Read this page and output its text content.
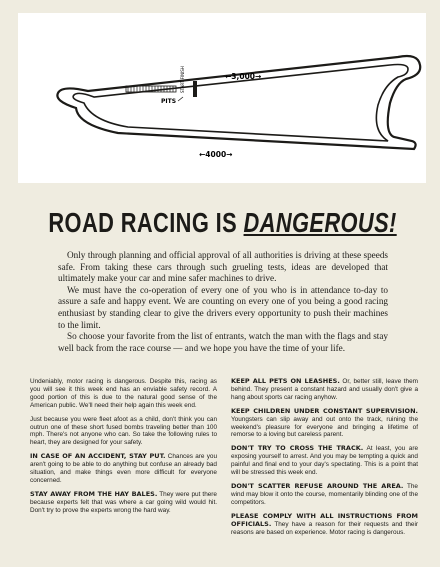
START FINISH
PITS
←3,000→
←4000→
ROAD RACING IS DANGEROUS!

Only through planning and official approval of all authorities is driving at these speeds safe. From taking these cars through such grueling tests, ideas are developed that ultimately make your car and mine safer machines to drive.

We must have the co-operation of every one of you who is in attendance to-day to assure a safe and happy event. We are counting on every one of you being a good racing enthusiast by standing clear to give the drivers every opportunity to push their machines to the limit.

So choose your favorite from the list of entrants, watch the man with the flags and stay well back from the race course — and we hope you have the time of your life.

Undeniably, motor racing is dangerous. Despite this, racing as you will see it this week end has an enviable safety record. A good portion of this is due to the natural good sense of the American public. We'll need their help again this week end.

Just because you were fleet afoot as a child, don't think you can outrun one of these short fused bombs traveling better than 100 mph. There's not anyone who can. So take the following rules to heart, they are designed for your safety.

IN CASE OF AN ACCIDENT, STAY PUT. Chances are you aren't going to be able to do anything but confuse an already bad situation, and make things even more difficult for everyone concerned.

STAY AWAY FROM THE HAY BALES. They were put there because experts felt that was where a car going wild would hit. Don't try to prove the experts wrong the hard way.

KEEP ALL PETS ON LEASHES. Or, better still, leave them behind. They present a constant hazard and usually don't give a hang about sports car racing anyhow.

KEEP CHILDREN UNDER CONSTANT SUPERVISION. Youngsters can slip away and out onto the track, ruining the weekend's pleasure for everyone and bringing a lifetime of remorse to a loving but careless parent.

DON'T TRY TO CROSS THE TRACK. At least, you are exposing yourself to arrest. And you may be tempting a quick and painful and final end to your day's spectating. This is a point that will be stressed this week end.

DON'T SCATTER REFUSE AROUND THE AREA. The wind may blow it onto the course, momentarily blinding one of the competitors.

PLEASE COMPLY WITH ALL INSTRUCTIONS FROM OFFICIALS. They have a reason for their requests and their reasons are based on experience. Motor racing is dangerous.
